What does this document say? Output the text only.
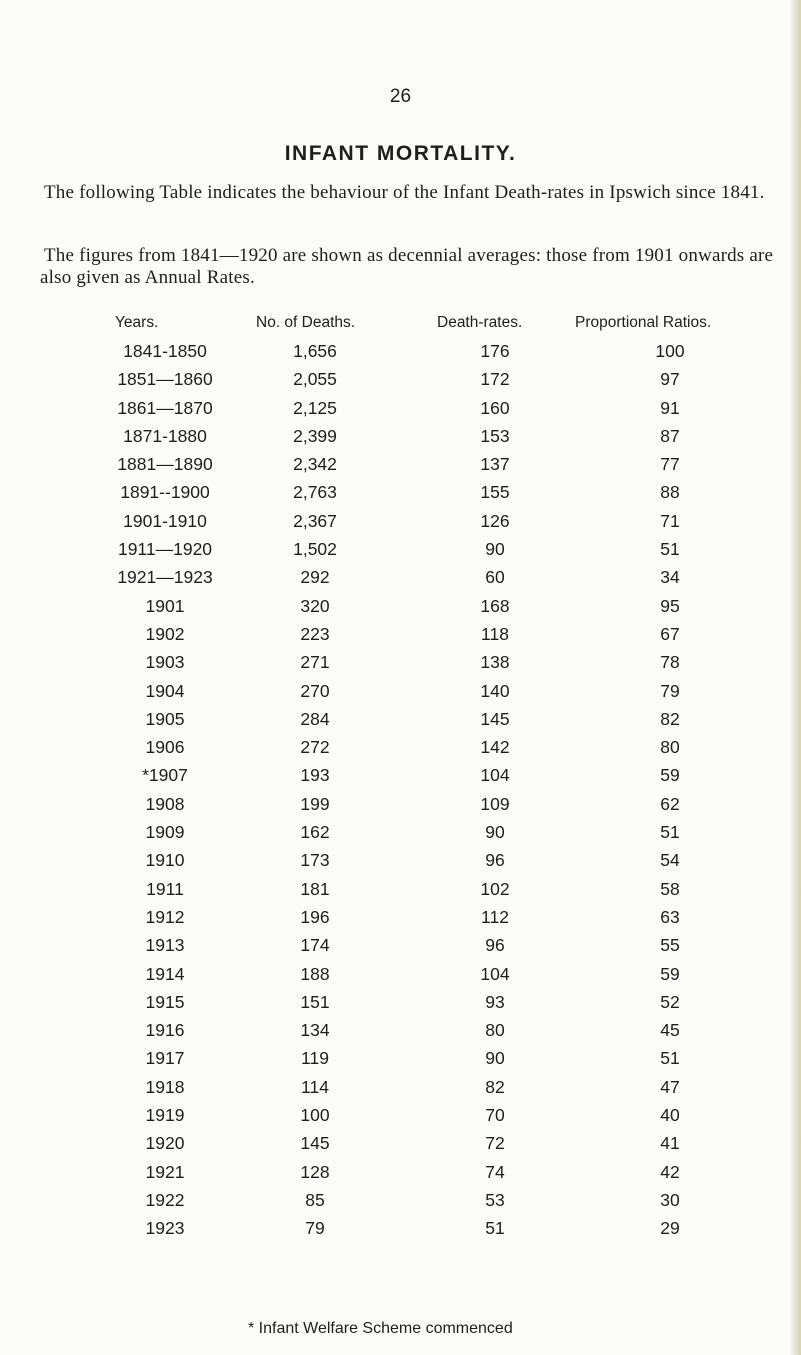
26
INFANT MORTALITY.
The following Table indicates the behaviour of the Infant Death-rates in Ipswich since 1841.
The figures from 1841—1920 are shown as decennial averages: those from 1901 onwards are also given as Annual Rates.
Years.	No. of Deaths.	Death-rates.	Proportional Ratios.
1841-1850	1,656	176	100
1851—1860	2,055	172	97
1861—1870	2,125	160	91
1871-1880	2,399	153	87
1881—1890	2,342	137	77
1891--1900	2,763	155	88
1901-1910	2,367	126	71
1911—1920	1,502	90	51
1921—1923	292	60	34
1901	320	168	95
1902	223	118	67
1903	271	138	78
1904	270	140	79
1905	284	145	82
1906	272	142	80
*1907	193	104	59
1908	199	109	62
1909	162	90	51
1910	173	96	54
1911	181	102	58
1912	196	112	63
1913	174	96	55
1914	188	104	59
1915	151	93	52
1916	134	80	45
1917	119	90	51
1918	114	82	47
1919	100	70	40
1920	145	72	41
1921	128	74	42
1922	85	53	30
1923	79	51	29
* Infant Welfare Scheme commenced
